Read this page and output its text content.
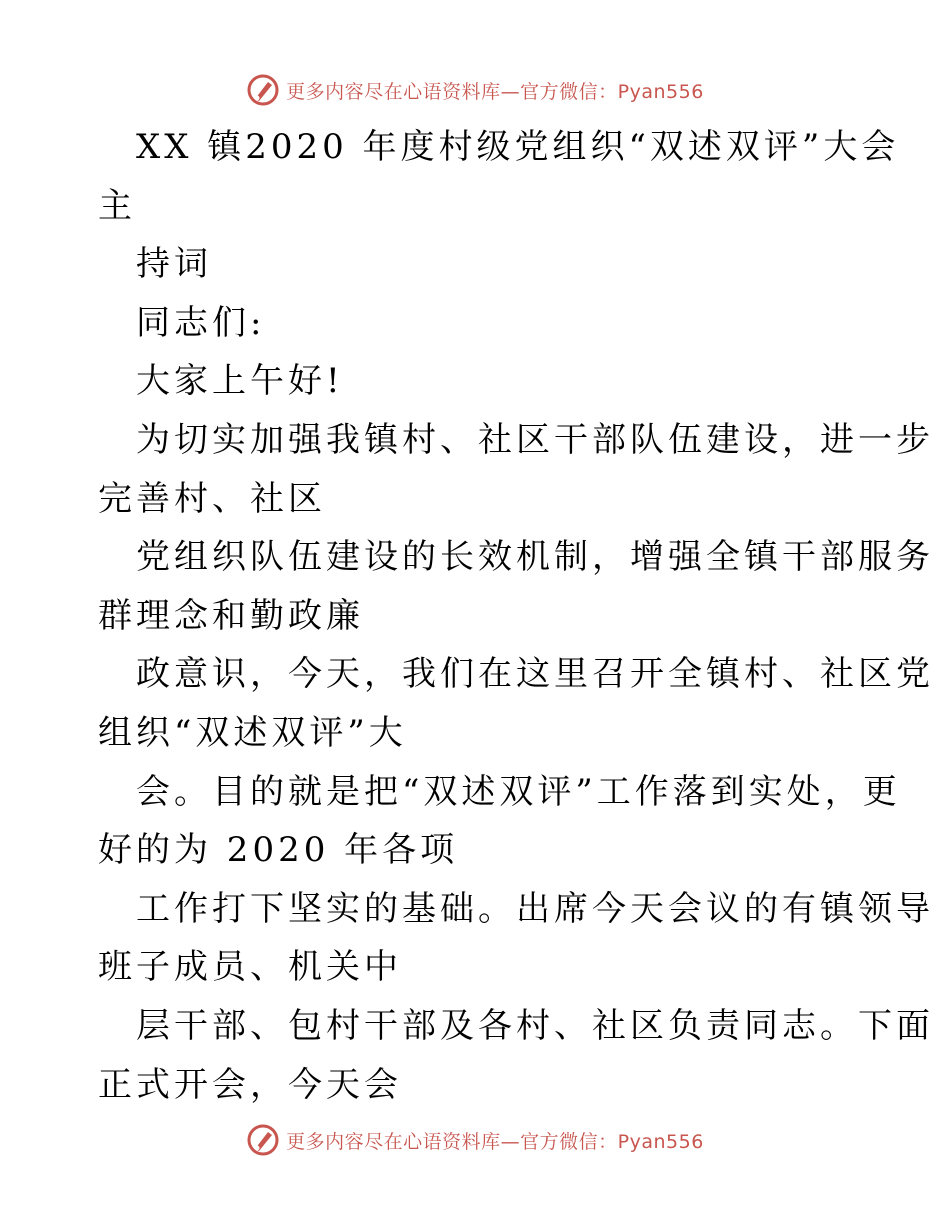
更多内容尽在心语资料库—官方微信：Pyan556
XX 镇2020 年度村级党组织“双述双评”大会
主
持词
同志们:
大家上午好!
为切实加强我镇村、社区干部队伍建设，进一步
完善村、社区
党组织队伍建设的长效机制，增强全镇干部服务
群理念和勤政廉
政意识，今天，我们在这里召开全镇村、社区党
组织“双述双评”大
会。目的就是把“双述双评”工作落到实处，更
好的为 2020 年各项
工作打下坚实的基础。出席今天会议的有镇领导
班子成员、机关中
层干部、包村干部及各村、社区负责同志。下面
正式开会，今天会
更多内容尽在心语资料库—官方微信：Pyan556
